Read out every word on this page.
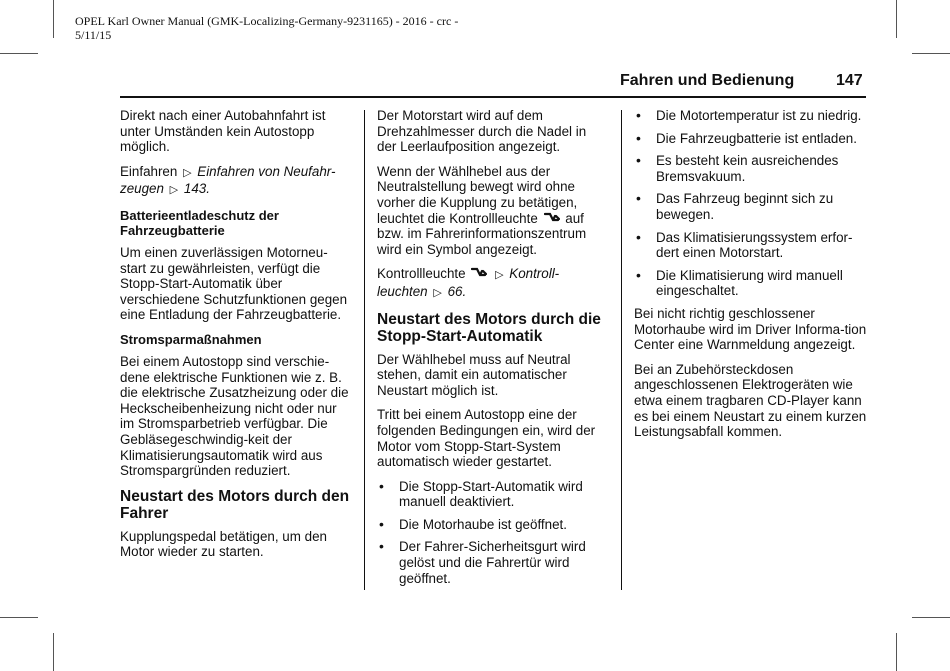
OPEL Karl Owner Manual (GMK-Localizing-Germany-9231165) - 2016 - crc - 5/11/15
Fahren und Bedienung	147

Direkt nach einer Autobahnfahrt ist unter Umständen kein Autostopp möglich.

Einfahren ▷ Einfahren von Neufahr-zeugen ▷ 143.

Batterieentladeschutz der Fahrzeugbatterie

Um einen zuverlässigen Motorneu-start zu gewährleisten, verfügt die Stopp-Start-Automatik über verschiedene Schutzfunktionen gegen eine Entladung der Fahrzeugbatterie.

Stromsparmaßnahmen

Bei einem Autostopp sind verschie-dene elektrische Funktionen wie z. B. die elektrische Zusatzheizung oder die Heckscheibenheizung nicht oder nur im Stromsparbetrieb verfügbar. Die Gebläsegeschwindig-keit der Klimatisierungsautomatik wird aus Stromspargründen reduziert.

Neustart des Motors durch den Fahrer

Kupplungspedal betätigen, um den Motor wieder zu starten.

Der Motorstart wird auf dem Drehzahlmesser durch die Nadel in der Leerlaufposition angezeigt.

Wenn der Wählhebel aus der Neutralstellung bewegt wird ohne vorher die Kupplung zu betätigen, leuchtet die Kontrollleuchte auf bzw. im Fahrerinformationszentrum wird ein Symbol angezeigt.

Kontrollleuchte	▷ Kontroll-leuchten ▷ 66.

Neustart des Motors durch die Stopp-Start-Automatik

Der Wählhebel muss auf Neutral stehen, damit ein automatischer Neustart möglich ist.

Tritt bei einem Autostopp eine der folgenden Bedingungen ein, wird der Motor vom Stopp-Start-System automatisch wieder gestartet.

• Die Stopp-Start-Automatik wird manuell deaktiviert.
• Die Motorhaube ist geöffnet.
• Der Fahrer-Sicherheitsgurt wird gelöst und die Fahrertür wird geöffnet.
• Die Motortemperatur ist zu niedrig.
• Die Fahrzeugbatterie ist entladen.
• Es besteht kein ausreichendes Bremsvakuum.
• Das Fahrzeug beginnt sich zu bewegen.
• Das Klimatisierungssystem erfor-dert einen Motorstart.
• Die Klimatisierung wird manuell eingeschaltet.

Bei nicht richtig geschlossener Motorhaube wird im Driver Informa-tion Center eine Warnmeldung angezeigt.

Bei an Zubehörsteckdosen angeschlossenen Elektrogeräten wie etwa einem tragbaren CD-Player kann es bei einem Neustart zu einem kurzen Leistungsabfall kommen.
